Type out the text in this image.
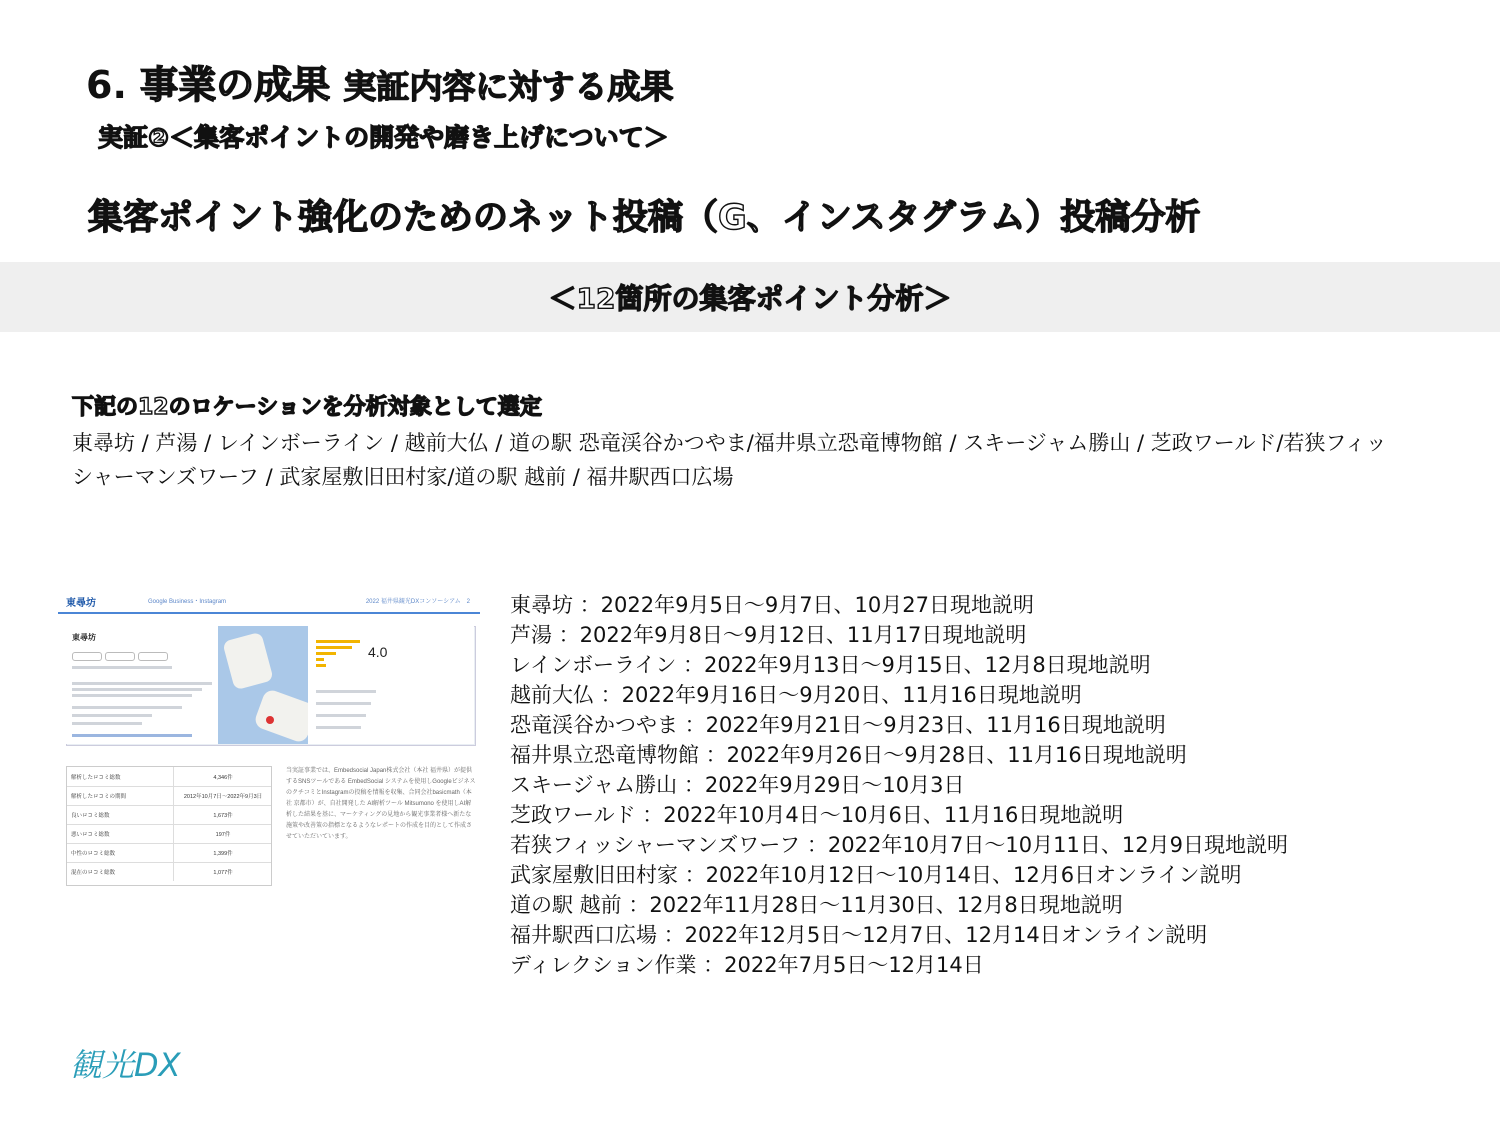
6. 事業の成果 実証内容に対する成果
実証②＜集客ポイントの開発や磨き上げについて＞
集客ポイント強化のためのネット投稿（G、インスタグラム）投稿分析
＜12箇所の集客ポイント分析＞
下記の12のロケーションを分析対象として選定
東尋坊 / 芦湯 / レインボーライン / 越前大仏 / 道の駅 恐竜渓谷かつやま/福井県立恐竜博物館 / スキージャム勝山 / 芝政ワールド/若狭フィッシャーマンズワーフ / 武家屋敷旧田村家/道の駅 越前 / 福井駅西口広場
東尋坊	Google Business・Instagram	2022 福井県観光DXコンソーシアム　2
東尋坊
4.0
解析したロコミ総数	4,346件
解析したロコミの期間	2012年10月7日～2022年9月3日
良いロコミ総数	1,673件
悪いロコミ総数	197件
中性のロコミ総数	1,399件
混在のロコミ総数	1,077件
当実証事業では、Embedsocial Japan株式会社（本社 福井県）が提供するSNSツールである EmbedSocial システムを使用しGoogleビジネスのクチコミとInstagramの投稿を情報を収集、合同会社basicmath（本社 京都市）が、自社開発した AI解析ツール Mitsumono を使用しAI解析した結果を基に、マーケティングの見地から観光事業者様へ新たな施策や改善策の指標となるようなレポートの作成を目的として作成させていただいています。
東尋坊 ：2022年9月5日～9月7日、10月27日現地説明
芦湯 ：2022年9月8日～9月12日、11月17日現地説明
レインボーライン ：2022年9月13日～9月15日、12月8日現地説明
越前大仏 ：2022年9月16日～9月20日、11月16日現地説明
恐竜渓谷かつやま ：2022年9月21日～9月23日、11月16日現地説明
福井県立恐竜博物館 ：2022年9月26日～9月28日、11月16日現地説明
スキージャム勝山 ：2022年9月29日～10月3日
芝政ワールド ：2022年10月4日～10月6日、11月16日現地説明
若狭フィッシャーマンズワーフ ：2022年10月7日～10月11日、12月9日現地説明
武家屋敷旧田村家 ：2022年10月12日～10月14日、12月6日オンライン説明
道の駅 越前 ：2022年11月28日～11月30日、12月8日現地説明
福井駅西口広場 ：2022年12月5日～12月7日、12月14日オンライン説明
ディレクション作業 ：2022年7月5日～12月14日
観光DX
